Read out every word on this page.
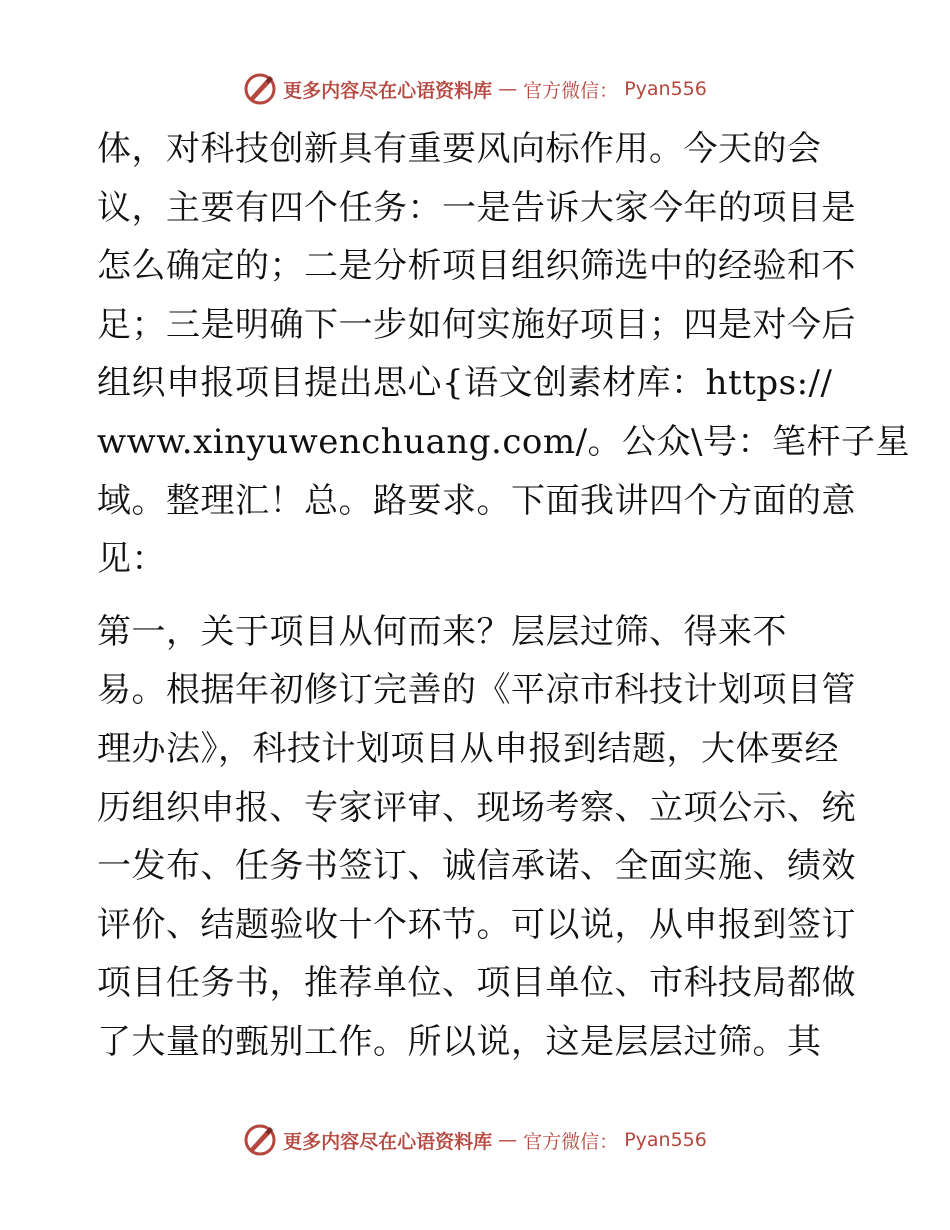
更多内容尽在心语资料库 — 官方微信： Pyan556
体，对科技创新具有重要风向标作用。今天的会
议，主要有四个任务：一是告诉大家今年的项目是
怎么确定的；二是分析项目组织筛选中的经验和不
足；三是明确下一步如何实施好项目；四是对今后
组织申报项目提出思心{语文创素材库：https://
www.xinyuwenchuang.com/。公众\号：笔杆子星
域。整理汇！总。路要求。下面我讲四个方面的意
见：
第一，关于项目从何而来？层层过筛、得来不
易。根据年初修订完善的《平凉市科技计划项目管
理办法》，科技计划项目从申报到结题，大体要经
历组织申报、专家评审、现场考察、立项公示、统
一发布、任务书签订、诚信承诺、全面实施、绩效
评价、结题验收十个环节。可以说，从申报到签订
项目任务书，推荐单位、项目单位、市科技局都做
了大量的甄别工作。所以说，这是层层过筛。其
更多内容尽在心语资料库 — 官方微信： Pyan556
